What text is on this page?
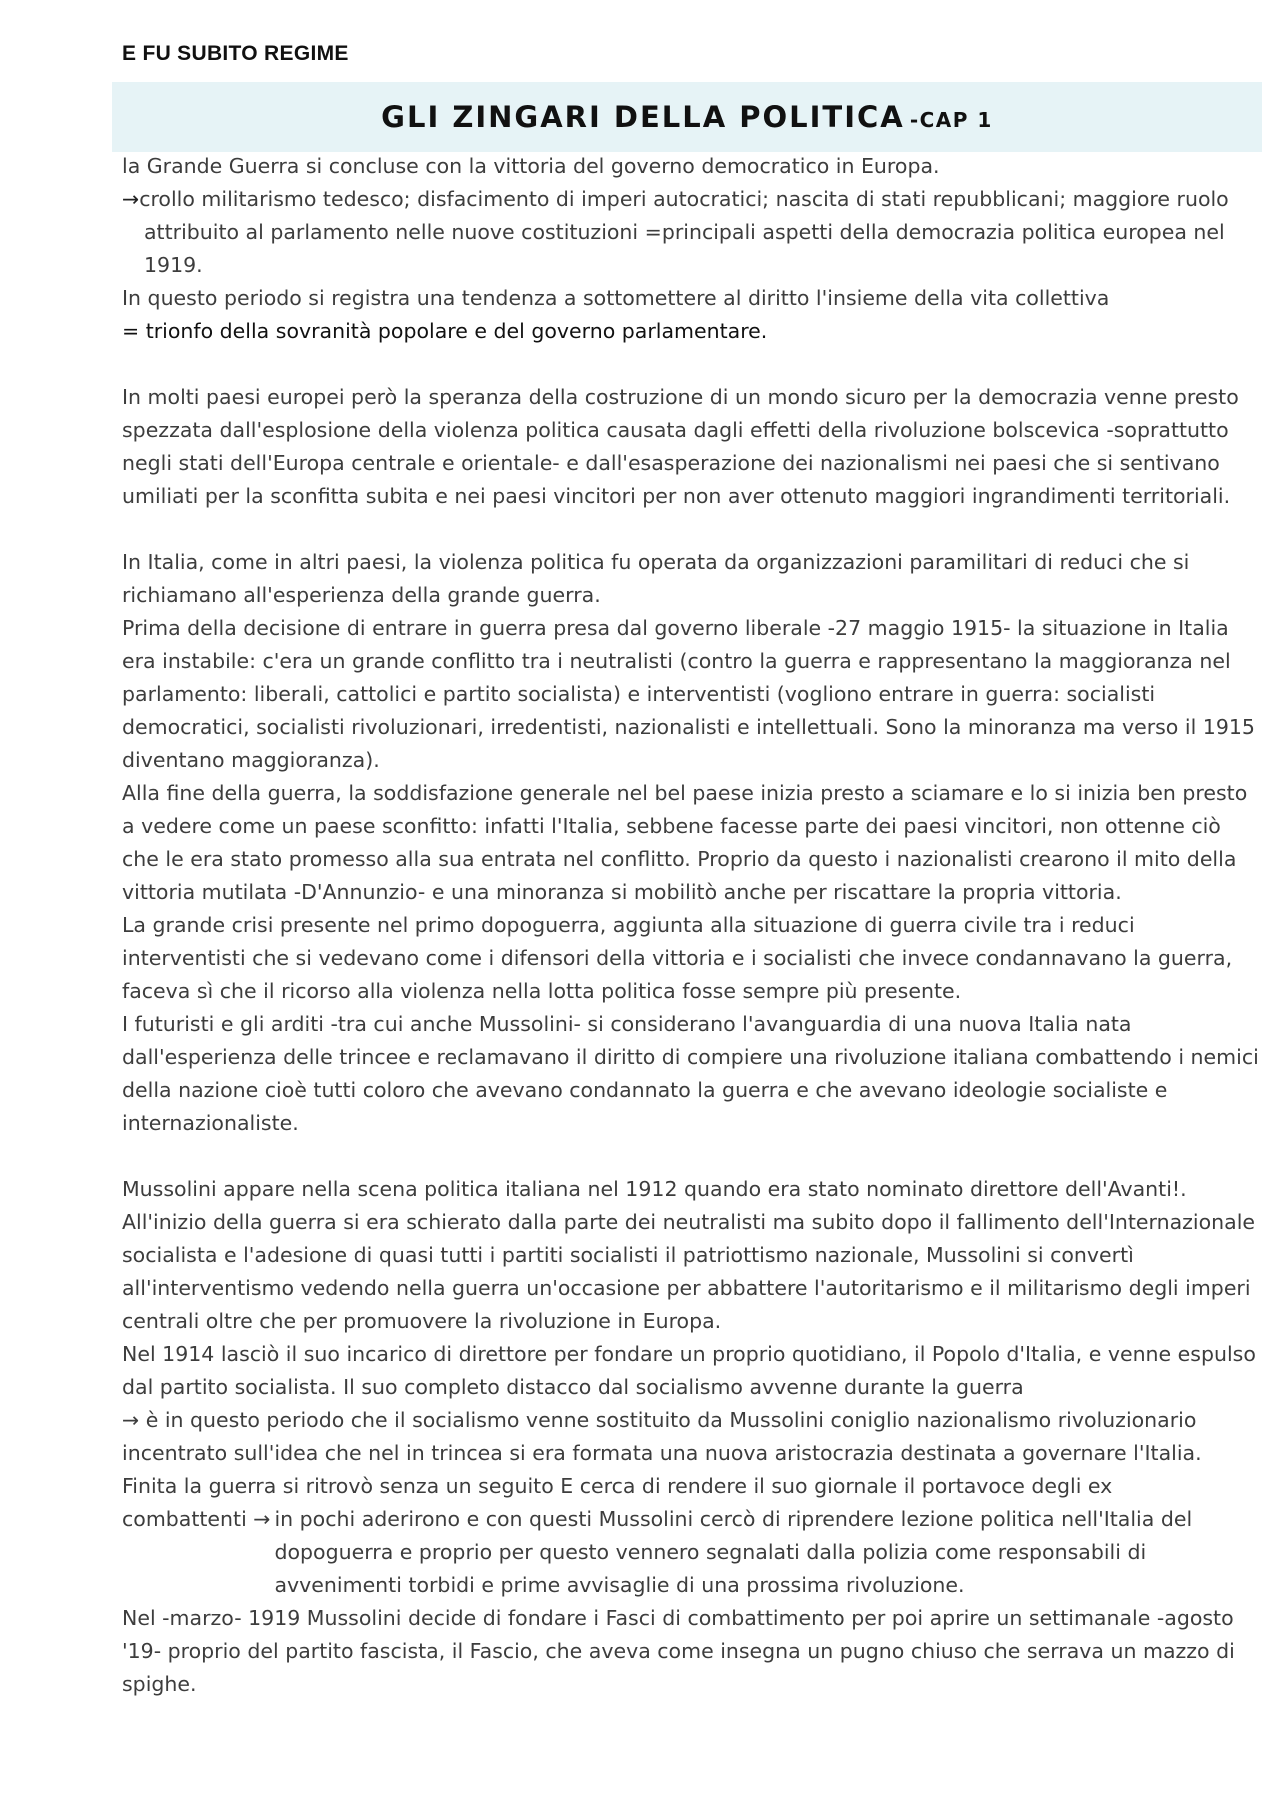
E FU SUBITO REGIME
GLI ZINGARI DELLA POLITICA -CAP 1

la Grande Guerra si concluse con la vittoria del governo democratico in Europa.

→crollo militarismo tedesco; disfacimento di imperi autocratici; nascita di stati repubblicani; maggiore ruolo attribuito al parlamento nelle nuove costituzioni =principali aspetti della democrazia politica europea nel 1919.

In questo periodo si registra una tendenza a sottomettere al diritto l'insieme della vita collettiva

= trionfo della sovranità popolare e del governo parlamentare.

In molti paesi europei però la speranza della costruzione di un mondo sicuro per la democrazia venne presto spezzata dall'esplosione della violenza politica causata dagli effetti della rivoluzione bolscevica -soprattutto negli stati dell'Europa centrale e orientale- e dall'esasperazione dei nazionalismi nei paesi che si sentivano umiliati per la sconfitta subita e nei paesi vincitori per non aver ottenuto maggiori ingrandimenti territoriali.

In Italia, come in altri paesi, la violenza politica fu operata da organizzazioni paramilitari di reduci che si richiamano all'esperienza della grande guerra.

Prima della decisione di entrare in guerra presa dal governo liberale -27 maggio 1915- la situazione in Italia era instabile: c'era un grande conflitto tra i neutralisti (contro la guerra e rappresentano la maggioranza nel parlamento: liberali, cattolici e partito socialista) e interventisti (vogliono entrare in guerra: socialisti democratici, socialisti rivoluzionari, irredentisti, nazionalisti e intellettuali. Sono la minoranza ma verso il 1915 diventano maggioranza).

Alla fine della guerra, la soddisfazione generale nel bel paese inizia presto a sciamare e lo si inizia ben presto a vedere come un paese sconfitto: infatti l'Italia, sebbene facesse parte dei paesi vincitori, non ottenne ciò che le era stato promesso alla sua entrata nel conflitto. Proprio da questo i nazionalisti crearono il mito della vittoria mutilata -D'Annunzio- e una minoranza si mobilitò anche per riscattare la propria vittoria.

La grande crisi presente nel primo dopoguerra, aggiunta alla situazione di guerra civile tra i reduci interventisti che si vedevano come i difensori della vittoria e i socialisti che invece condannavano la guerra, faceva sì che il ricorso alla violenza nella lotta politica fosse sempre più presente.

I futuristi e gli arditi -tra cui anche Mussolini- si considerano l'avanguardia di una nuova Italia nata dall'esperienza delle trincee e reclamavano il diritto di compiere una rivoluzione italiana combattendo i nemici della nazione cioè tutti coloro che avevano condannato la guerra e che avevano ideologie socialiste e internazionaliste.

Mussolini appare nella scena politica italiana nel 1912 quando era stato nominato direttore dell'Avanti!.

All'inizio della guerra si era schierato dalla parte dei neutralisti ma subito dopo il fallimento dell'Internazionale socialista e l'adesione di quasi tutti i partiti socialisti il patriottismo nazionale, Mussolini si convertì all'interventismo vedendo nella guerra un'occasione per abbattere l'autoritarismo e il militarismo degli imperi centrali oltre che per promuovere la rivoluzione in Europa.

Nel 1914 lasciò il suo incarico di direttore per fondare un proprio quotidiano, il Popolo d'Italia, e venne espulso dal partito socialista. Il suo completo distacco dal socialismo avvenne durante la guerra

→ è in questo periodo che il socialismo venne sostituito da Mussolini coniglio nazionalismo rivoluzionario incentrato sull'idea che nel in trincea si era formata una nuova aristocrazia destinata a governare l'Italia.

Finita la guerra si ritrovò senza un seguito E cerca di rendere il suo giornale il portavoce degli ex

combattenti → in pochi aderirono e con questi Mussolini cercò di riprendere lezione politica nell'Italia del dopoguerra e proprio per questo vennero segnalati dalla polizia come responsabili di avvenimenti torbidi e prime avvisaglie di una prossima rivoluzione.

Nel -marzo- 1919 Mussolini decide di fondare i Fasci di combattimento per poi aprire un settimanale -agosto '19- proprio del partito fascista, il Fascio, che aveva come insegna un pugno chiuso che serrava un mazzo di spighe.
